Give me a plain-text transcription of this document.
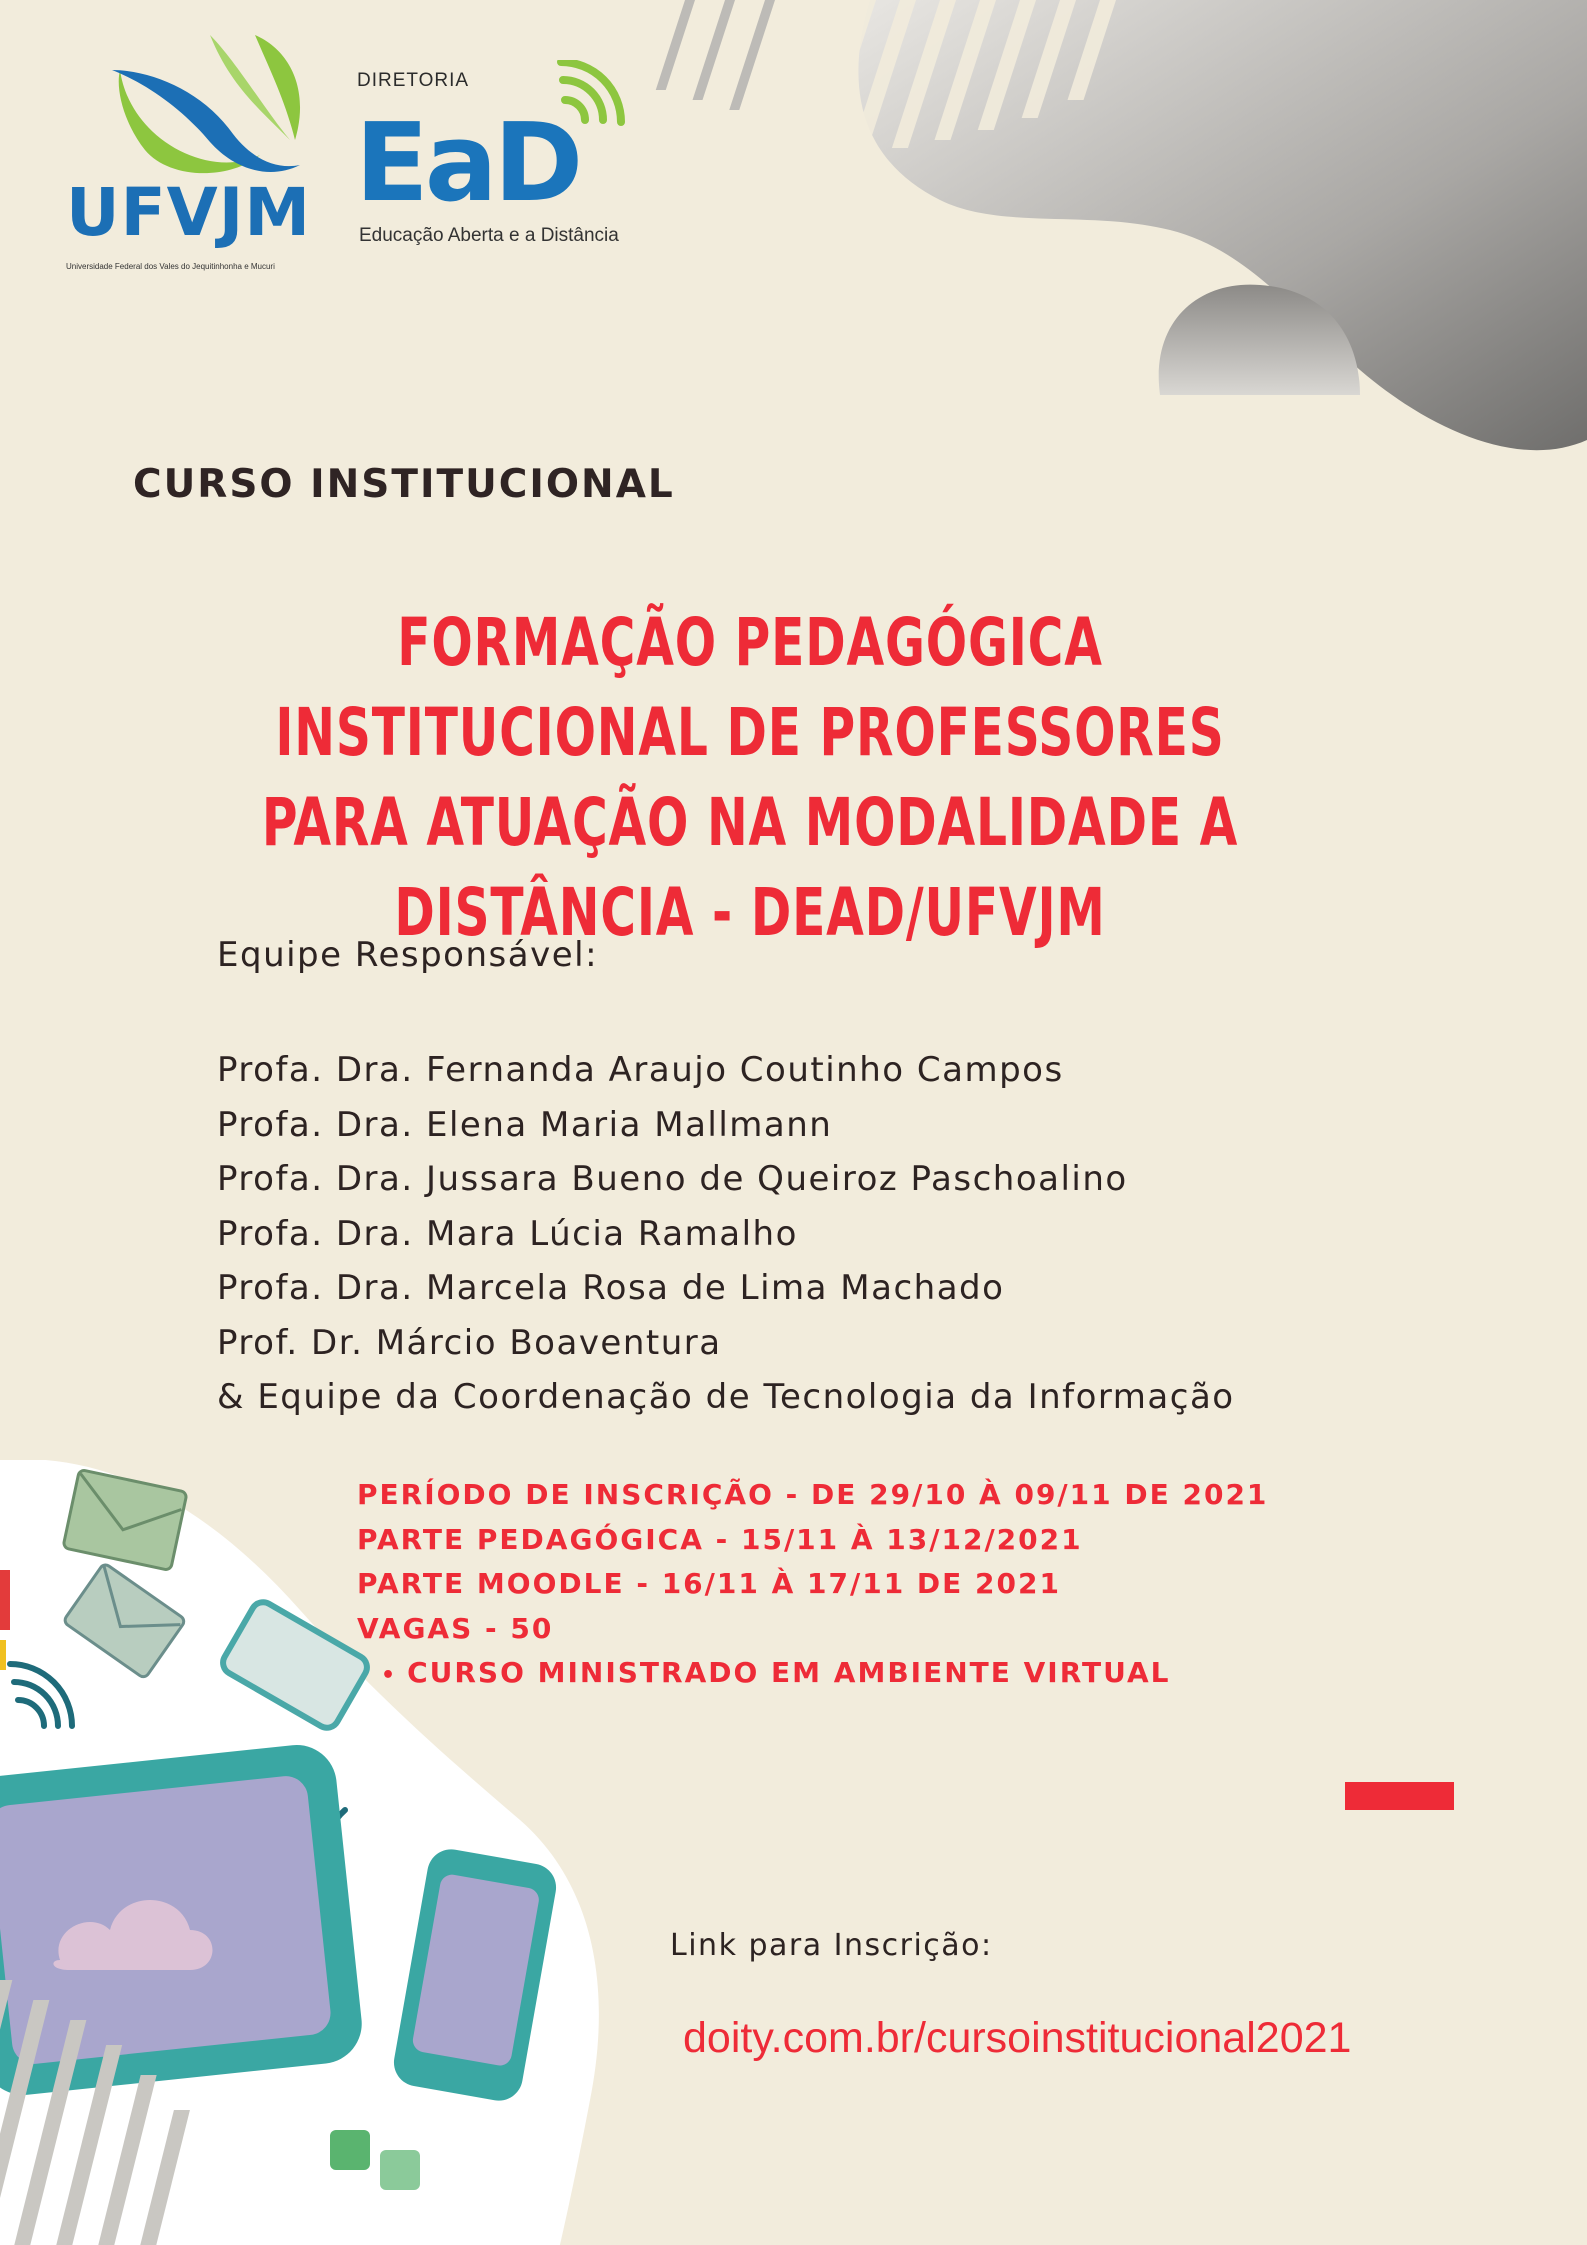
UFVJM
Universidade Federal dos Vales do Jequitinhonha e Mucuri
DIRETORIA
EaD
Educação Aberta e a Distância
CURSO INSTITUCIONAL
FORMAÇÃO PEDAGÓGICA INSTITUCIONAL DE PROFESSORES PARA ATUAÇÃO NA MODALIDADE A DISTÂNCIA - DEAD/UFVJM
Equipe Responsável:
Profa. Dra. Fernanda Araujo Coutinho Campos
Profa. Dra. Elena Maria Mallmann
Profa. Dra. Jussara Bueno de Queiroz Paschoalino
Profa. Dra. Mara Lúcia Ramalho
Profa. Dra. Marcela Rosa de Lima Machado
Prof. Dr. Márcio Boaventura
& Equipe da Coordenação de Tecnologia da Informação
PERÍODO DE INSCRIÇÃO - DE 29/10 À 09/11 DE 2021
PARTE PEDAGÓGICA - 15/11 À 13/12/2021
PARTE MOODLE - 16/11 À 17/11 DE 2021
VAGAS - 50
• CURSO MINISTRADO EM AMBIENTE VIRTUAL
Link para Inscrição:
doity.com.br/cursoinstitucional2021
